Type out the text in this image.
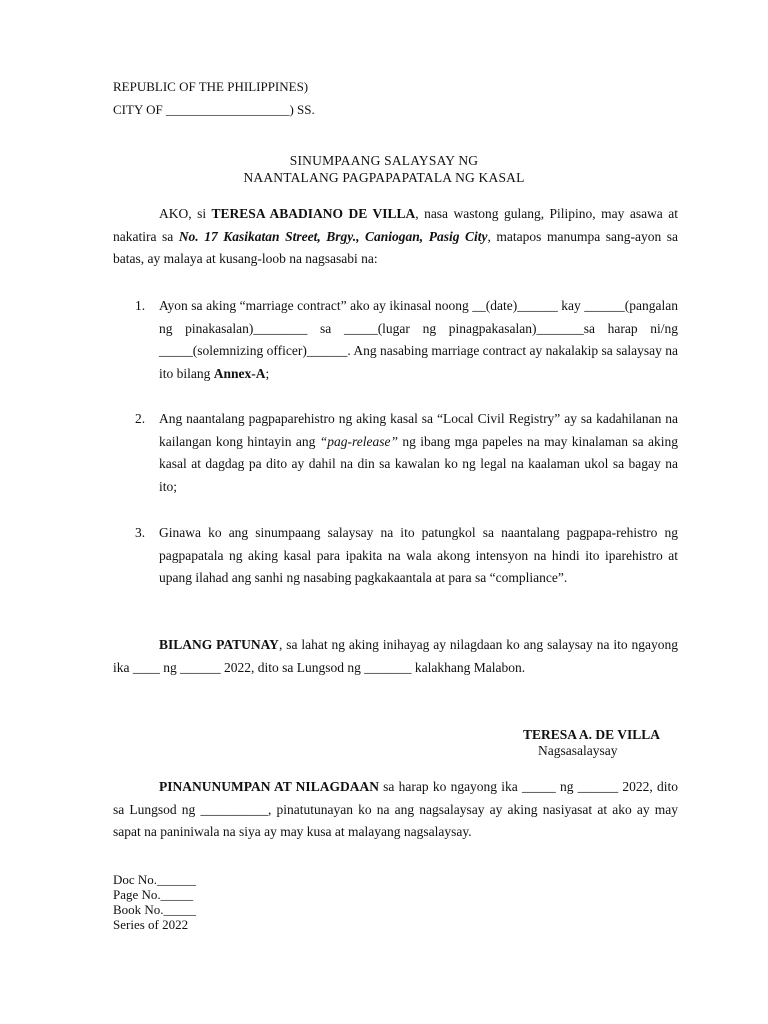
REPUBLIC OF THE PHILIPPINES)
CITY OF ___________________) SS.
SINUMPAANG SALAYSAY NG
NAANTALANG PAGPAPAPATALA NG KASAL
AKO, si TERESA ABADIANO DE VILLA, nasa wastong gulang, Pilipino, may asawa at nakatira sa No. 17 Kasikatan Street, Brgy., Caniogan, Pasig City, matapos manumpa sang-ayon sa batas, ay malaya at kusang-loob na nagsasabi na:
1. Ayon sa aking “marriage contract” ako ay ikinasal noong __(date)______ kay ______(pangalan ng pinakasalan)________ sa _____(lugar ng pinagpakasalan)_______sa harap ni/ng _____(solemnizing officer)______. Ang nasabing marriage contract ay nakalakip sa salaysay na ito bilang Annex-A;
2. Ang naantalang pagpaparehistro ng aking kasal sa “Local Civil Registry” ay sa kadahilanan na kailangan kong hintayin ang “pag-release” ng ibang mga papeles na may kinalaman sa aking kasal at dagdag pa dito ay dahil na din sa kawalan ko ng legal na kaalaman ukol sa bagay na ito;
3. Ginawa ko ang sinumpaang salaysay na ito patungkol sa naantalang pagpapa-rehistro ng pagpapatala ng aking kasal para ipakita na wala akong intensyon na hindi ito iparehistro at upang ilahad ang sanhi ng nasabing pagkakaantala at para sa “compliance”.
BILANG PATUNAY, sa lahat ng aking inihayag ay nilagdaan ko ang salaysay na ito ngayong ika ____ ng ______ 2022, dito sa Lungsod ng _______ kalakhang Malabon.
TERESA A. DE VILLA
Nagsasalaysay
PINANUNUMPAN AT NILAGDAAN sa harap ko ngayong ika _____ ng ______ 2022, dito sa Lungsod ng __________, pinatutunayan ko na ang nagsalaysay ay aking nasiyasat at ako ay may sapat na paniniwala na siya ay may kusa at malayang nagsalaysay.
Doc No.______
Page No._____
Book No._____
Series of 2022
